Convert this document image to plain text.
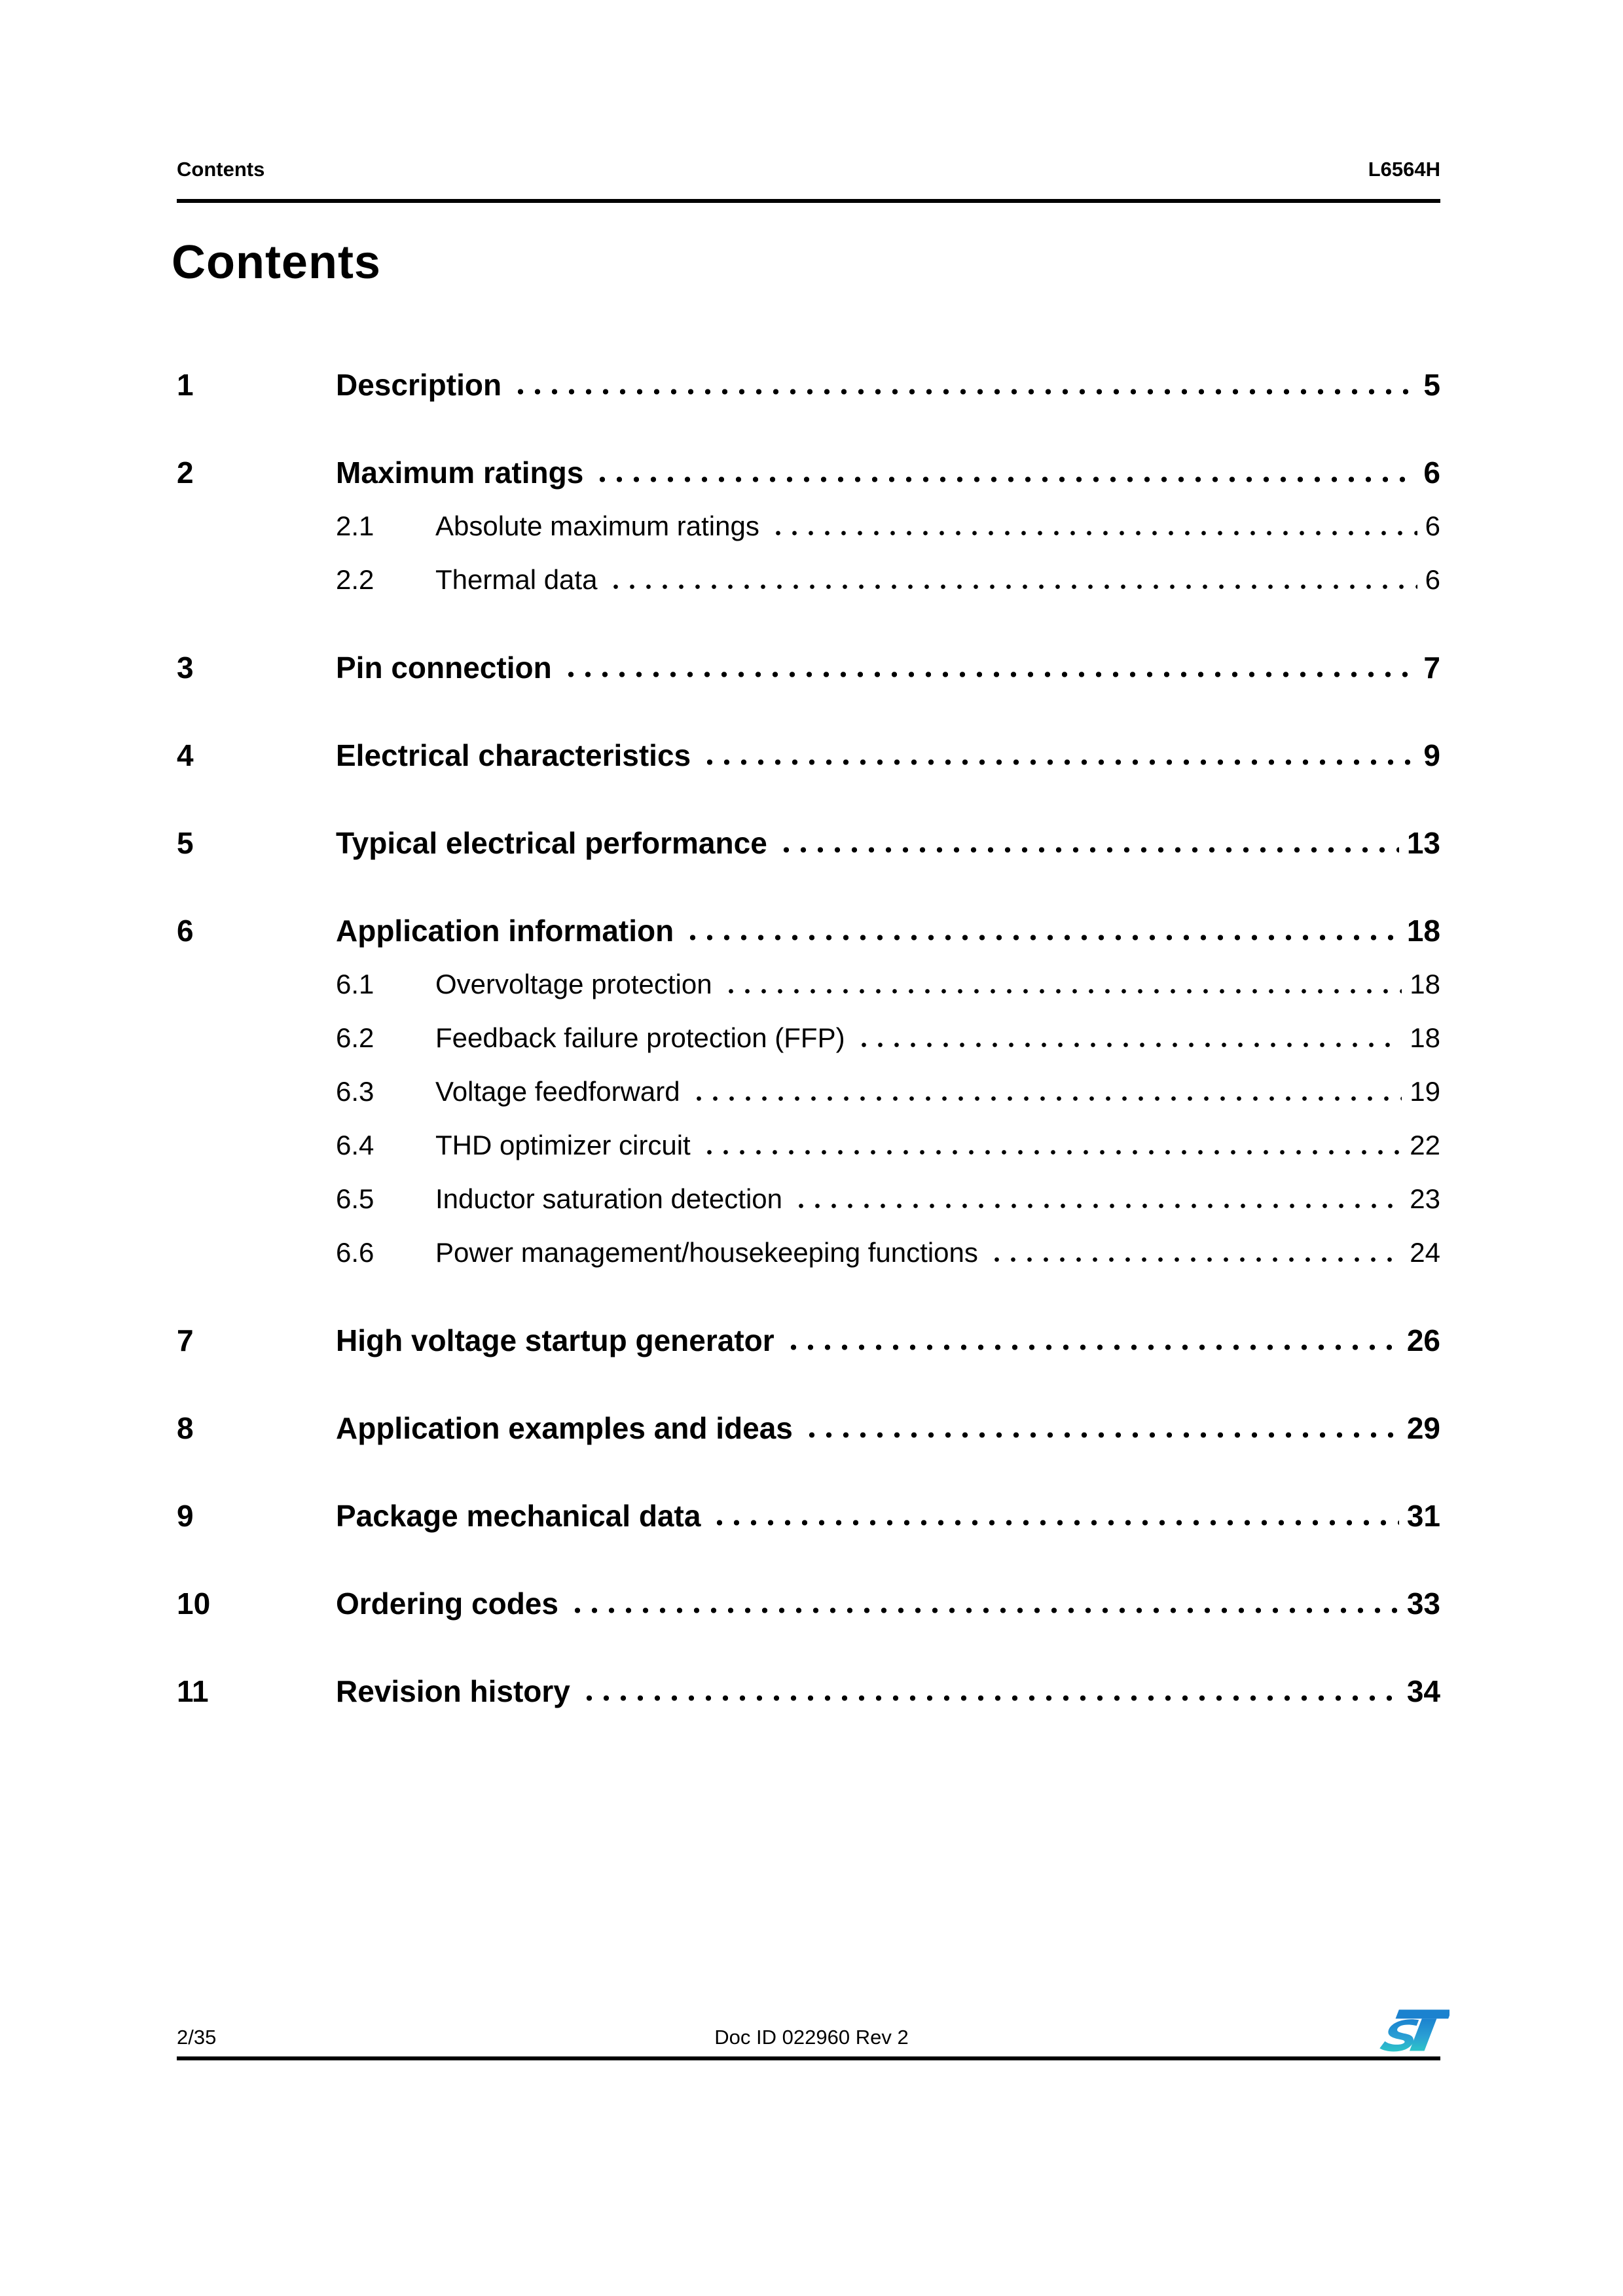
Contents	L6564H
Contents
1	Description	5
2	Maximum ratings	6
2.1	Absolute maximum ratings	6
2.2	Thermal data	6
3	Pin connection	7
4	Electrical characteristics	9
5	Typical electrical performance	13
6	Application information	18
6.1	Overvoltage protection	18
6.2	Feedback failure protection (FFP)	18
6.3	Voltage feedforward	19
6.4	THD optimizer circuit	22
6.5	Inductor saturation detection	23
6.6	Power management/housekeeping functions	24
7	High voltage startup generator	26
8	Application examples and ideas	29
9	Package mechanical data	31
10	Ordering codes	33
11	Revision history	34
2/35	Doc ID 022960 Rev 2
